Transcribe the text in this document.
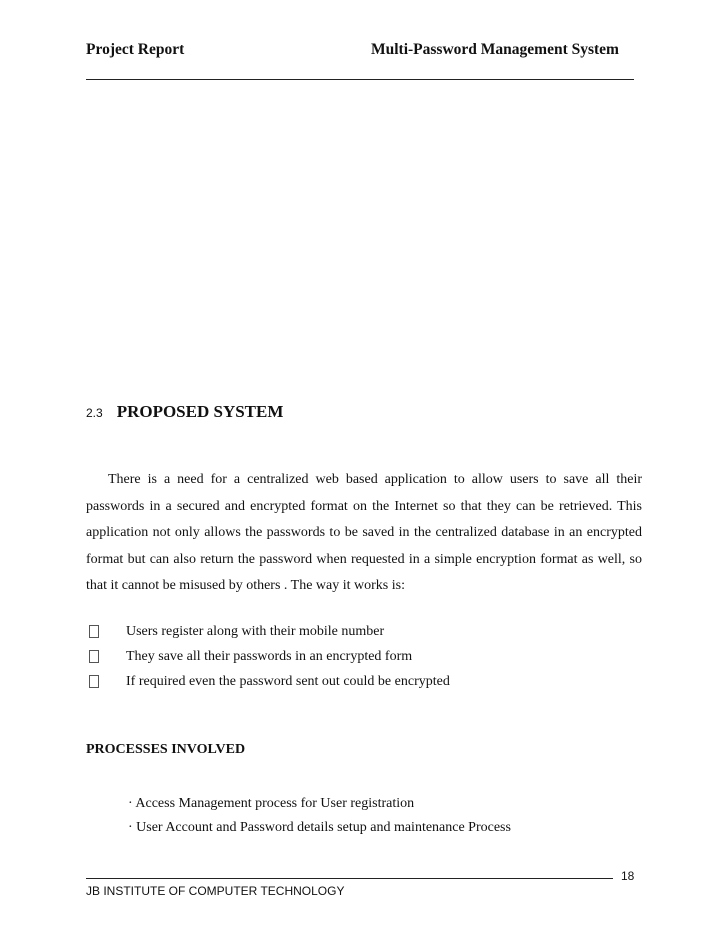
Project Report	Multi-Password Management System
2.3 PROPOSED SYSTEM

There is a need for a centralized web based application to allow users to save all their passwords in a secured and encrypted format on the Internet so that they can be retrieved. This application not only allows the passwords to be saved in the centralized database in an encrypted format but can also return the password when requested in a simple encryption format as well, so that it cannot be misused by others . The way it works is:

Users register along with their mobile number
They save all their passwords in an encrypted form
If required even the password sent out could be encrypted
PROCESSES INVOLVED
· Access Management process for User registration
· User Account and Password details setup and maintenance Process
18
JB INSTITUTE OF COMPUTER TECHNOLOGY
